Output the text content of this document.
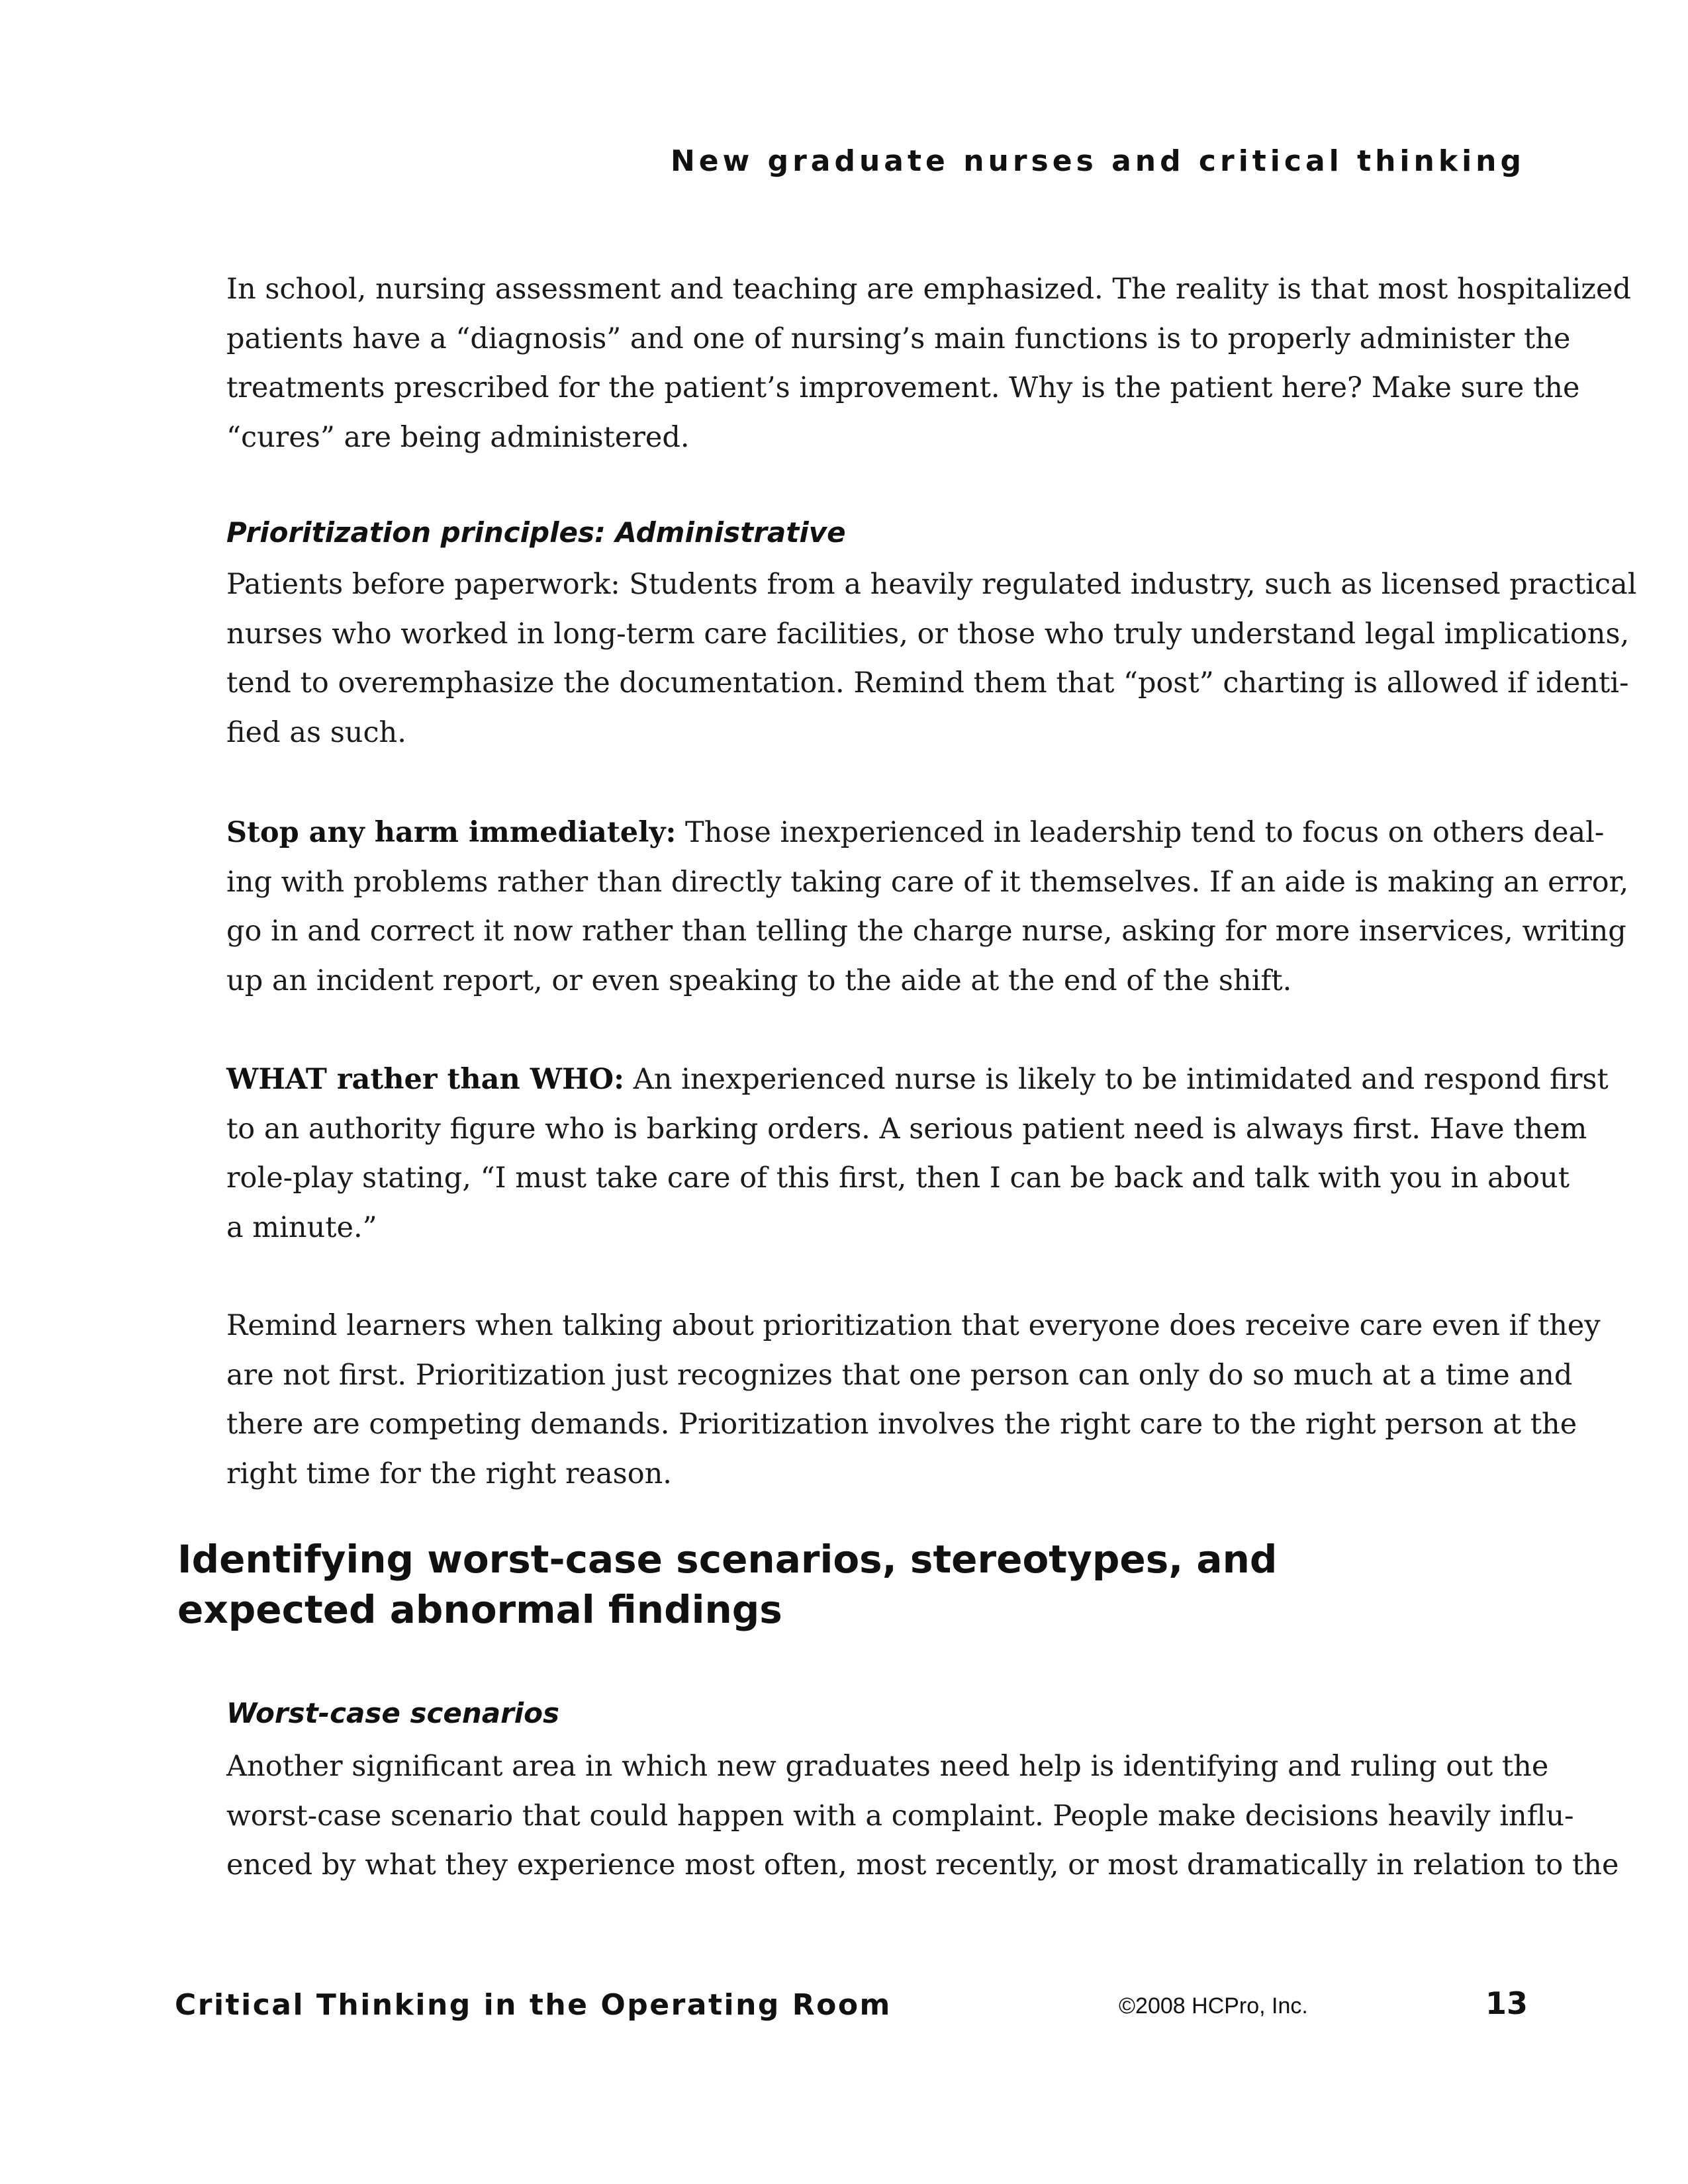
New graduate nurses and critical thinking
In school, nursing assessment and teaching are emphasized. The reality is that most hospitalized
patients have a “diagnosis” and one of nursing’s main functions is to properly administer the
treatments prescribed for the patient’s improvement. Why is the patient here? Make sure the
“cures” are being administered.
Prioritization principles: Administrative
Patients before paperwork: Students from a heavily regulated industry, such as licensed practical
nurses who worked in long-term care facilities, or those who truly understand legal implications,
tend to overemphasize the documentation. Remind them that “post” charting is allowed if identi-
fied as such.
Stop any harm immediately: Those inexperienced in leadership tend to focus on others deal-
ing with problems rather than directly taking care of it themselves. If an aide is making an error,
go in and correct it now rather than telling the charge nurse, asking for more inservices, writing
up an incident report, or even speaking to the aide at the end of the shift.
WHAT rather than WHO: An inexperienced nurse is likely to be intimidated and respond first
to an authority figure who is barking orders. A serious patient need is always first. Have them
role-play stating, “I must take care of this first, then I can be back and talk with you in about
a minute.”
Remind learners when talking about prioritization that everyone does receive care even if they
are not first. Prioritization just recognizes that one person can only do so much at a time and
there are competing demands. Prioritization involves the right care to the right person at the
right time for the right reason.
Identifying worst-case scenarios, stereotypes, and
expected abnormal findings
Worst-case scenarios
Another significant area in which new graduates need help is identifying and ruling out the
worst-case scenario that could happen with a complaint. People make decisions heavily influ-
enced by what they experience most often, most recently, or most dramatically in relation to the
Critical Thinking in the Operating Room	©2008 HCPro, Inc.	13
